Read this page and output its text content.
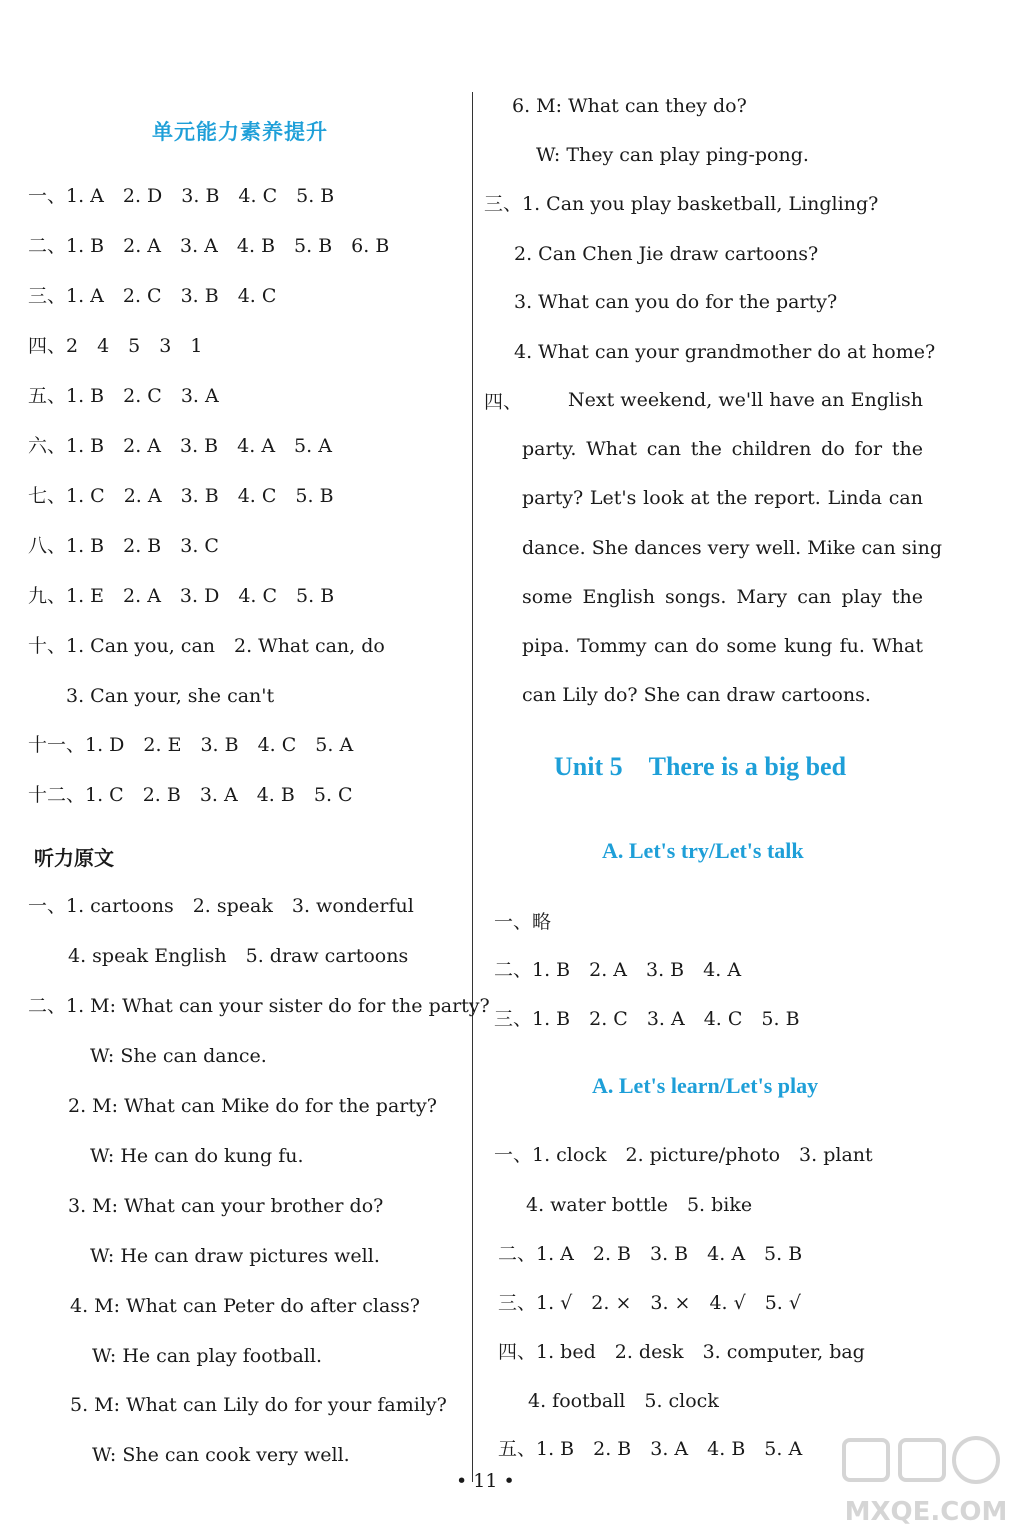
单元能力素养提升
一、1. A　2. D　3. B　4. C　5. B
二、1. B　2. A　3. A　4. B　5. B　6. B
三、1. A　2. C　3. B　4. C
四、2　4　5　3　1
五、1. B　2. C　3. A
六、1. B　2. A　3. B　4. A　5. A
七、1. C　2. A　3. B　4. C　5. B
八、1. B　2. B　3. C
九、1. E　2. A　3. D　4. C　5. B
十、1. Can you, can　2. What can, do
3. Can your, she can't
十一、1. D　2. E　3. B　4. C　5. A
十二、1. C　2. B　3. A　4. B　5. C
听力原文
一、1. cartoons　2. speak　3. wonderful
4. speak English　5. draw cartoons
二、1. M: What can your sister do for the party?
W: She can dance.
2. M: What can Mike do for the party?
W: He can do kung fu.
3. M: What can your brother do?
W: He can draw pictures well.
4. M: What can Peter do after class?
W: He can play football.
5. M: What can Lily do for your family?
W: She can cook very well.
6. M: What can they do?
W: They can play ping-pong.
三、1. Can you play basketball, Lingling?
2. Can Chen Jie draw cartoons?
3. What can you do for the party?
4. What can your grandmother do at home?
四、 Next weekend, we'll have an English
party. What can the children do for the
party? Let's look at the report. Linda can
dance. She dances very well. Mike can sing
some English songs. Mary can play the
pipa. Tommy can do some kung fu. What
can Lily do? She can draw cartoons.
Unit 5　There is a big bed
A. Let's try/Let's talk
一、略
二、1. B　2. A　3. B　4. A
三、1. B　2. C　3. A　4. C　5. B
A. Let's learn/Let's play
一、1. clock　2. picture/photo　3. plant
4. water bottle　5. bike
二、1. A　2. B　3. B　4. A　5. B
三、1. √　2. ×　3. ×　4. √　5. √
四、1. bed　2. desk　3. computer, bag
4. football　5. clock
五、1. B　2. B　3. A　4. B　5. A
• 11 •
MXQE.COM
